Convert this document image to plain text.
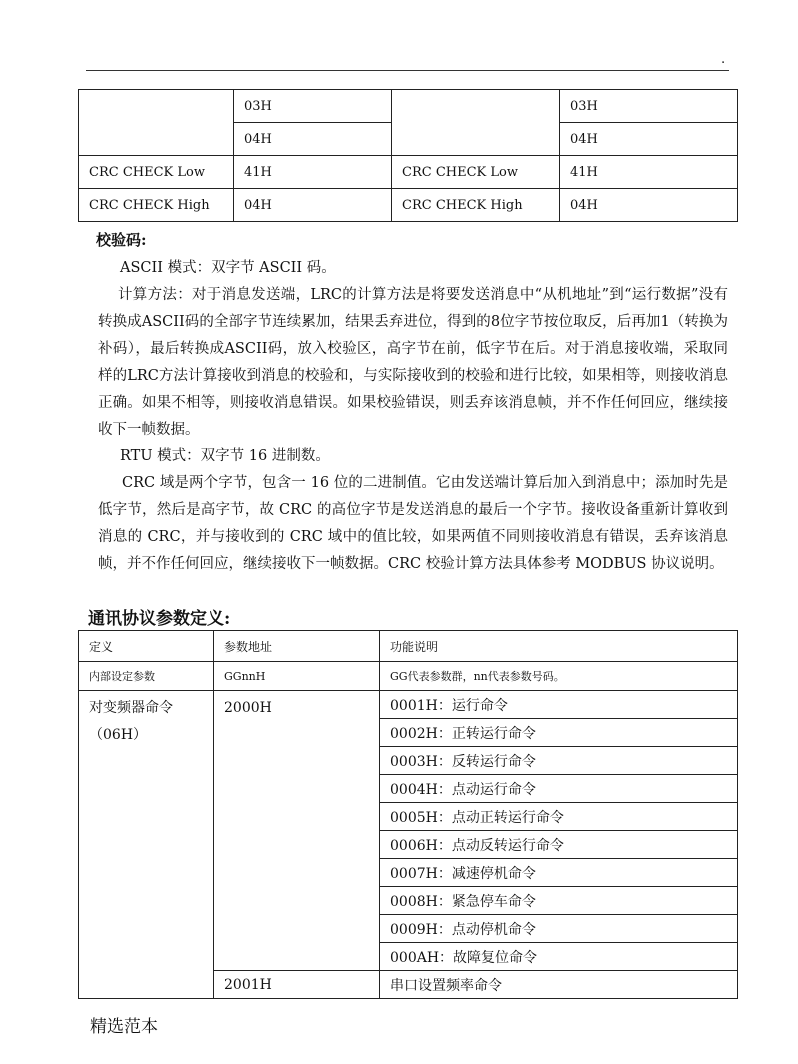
.
	03H		03H
	04H		04H
CRC CHECK Low	41H	CRC CHECK Low	41H
CRC CHECK High	04H	CRC CHECK High	04H
校验码:
ASCII 模式：双字节 ASCII 码。
计算方法：对于消息发送端，LRC的计算方法是将要发送消息中“从机地址”到“运行数据”没有转换成ASCII码的全部字节连续累加，结果丢弃进位，得到的8位字节按位取反，后再加1（转换为补码），最后转换成ASCII码，放入校验区，高字节在前，低字节在后。对于消息接收端，采取同样的LRC方法计算接收到消息的校验和，与实际接收到的校验和进行比较，如果相等，则接收消息正确。如果不相等，则接收消息错误。如果校验错误，则丢弃该消息帧，并不作任何回应，继续接收下一帧数据。
RTU 模式：双字节 16 进制数。
CRC 域是两个字节，包含一 16 位的二进制值。它由发送端计算后加入到消息中；添加时先是低字节，然后是高字节，故 CRC 的高位字节是发送消息的最后一个字节。接收设备重新计算收到消息的 CRC，并与接收到的 CRC 域中的值比较，如果两值不同则接收消息有错误，丢弃该消息帧，并不作任何回应，继续接收下一帧数据。CRC 校验计算方法具体参考 MODBUS 协议说明。
通讯协议参数定义:
定义	参数地址	功能说明
内部设定参数	GGnnH	GG代表参数群，nn代表参数号码。

对变频器命令
（06H）	2000H	0001H：运行命令
		0002H：正转运行命令
		0003H：反转运行命令
		0004H：点动运行命令
		0005H：点动正转运行命令
		0006H：点动反转运行命令
		0007H：减速停机命令
		0008H：紧急停车命令
		0009H：点动停机命令
		000AH：故障复位命令
	2001H	串口设置频率命令
精选范本
